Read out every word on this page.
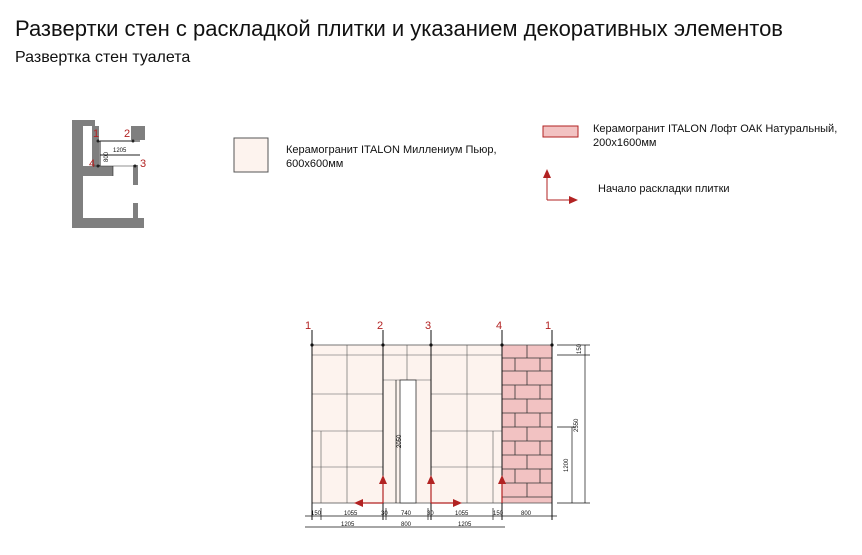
Развертки стен с раскладкой плитки и указанием декоративных элементов
Развертка стен туалета
Керамогранит ITALON Миллениум Пьюр,
600х600мм
Керамогранит ITALON Лофт ОАК Натуральный,
200х1600мм
Начало раскладки плитки
1205
800
1 2
3
4
1	2	3	4	1
150
2550
1200
2050
150	1055	30 740	30	1055	150	800
1205	800	1205
